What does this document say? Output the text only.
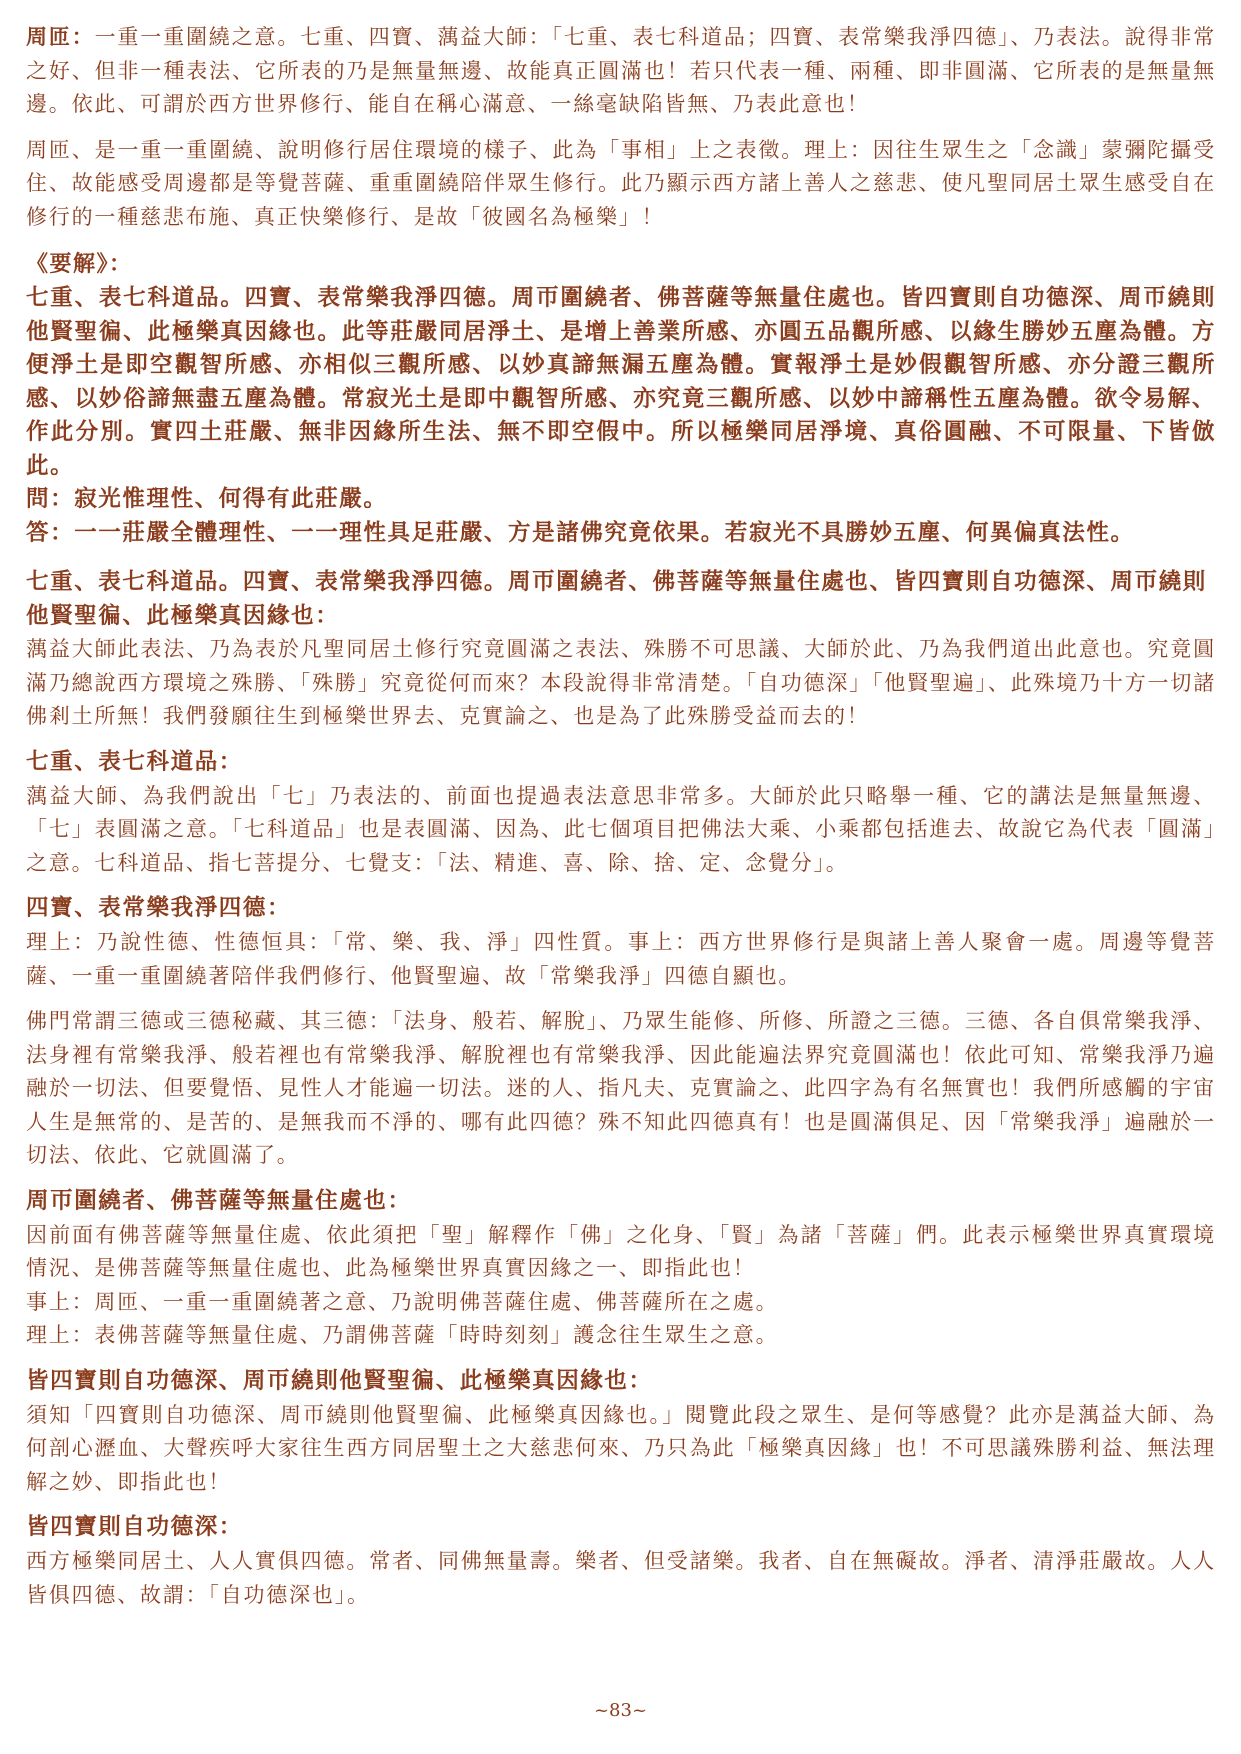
周匝：一重一重圍繞之意。七重、四寶、蕅益大師：「七重、表七科道品；四寶、表常樂我淨四德」、乃表法。說得非常之好、但非一種表法、它所表的乃是無量無邊、故能真正圓滿也！若只代表一種、兩種、即非圓滿、它所表的是無量無邊。依此、可謂於西方世界修行、能自在稱心滿意、一絲毫缺陷皆無、乃表此意也！

周匝、是一重一重圍繞、說明修行居住環境的樣子、此為「事相」上之表徵。理上：因往生眾生之「念識」蒙彌陀攝受住、故能感受周邊都是等覺菩薩、重重圍繞陪伴眾生修行。此乃顯示西方諸上善人之慈悲、使凡聖同居土眾生感受自在修行的一種慈悲布施、真正快樂修行、是故「彼國名為極樂」！

《要解》：

七重、表七科道品。四寶、表常樂我淨四德。周帀圍繞者、佛菩薩等無量住處也。皆四寶則自功德深、周帀繞則他賢聖徧、此極樂真因緣也。此等莊嚴同居淨土、是增上善業所感、亦圓五品觀所感、以緣生勝妙五塵為體。方便淨土是即空觀智所感、亦相似三觀所感、以妙真諦無漏五塵為體。實報淨土是妙假觀智所感、亦分證三觀所感、以妙俗諦無盡五塵為體。常寂光土是即中觀智所感、亦究竟三觀所感、以妙中諦稱性五塵為體。欲令易解、作此分別。實四土莊嚴、無非因緣所生法、無不即空假中。所以極樂同居淨境、真俗圓融、不可限量、下皆倣此。

問： 寂光惟理性、何得有此莊嚴。
答： 一一莊嚴全體理性、一一理性具足莊嚴、方是諸佛究竟依果。若寂光不具勝妙五塵、何異偏真法性。
七重、表七科道品。四寶、表常樂我淨四德。周帀圍繞者、佛菩薩等無量住處也、皆四寶則自功德深、周帀繞則他賢聖徧、此極樂真因緣也：

蕅益大師此表法、乃為表於凡聖同居土修行究竟圓滿之表法、殊勝不可思議、大師於此、乃為我們道出此意也。究竟圓滿乃總說西方環境之殊勝、「殊勝」究竟從何而來？本段說得非常清楚。「自功德深」「他賢聖遍」、此殊境乃十方一切諸佛剎土所無！我們發願往生到極樂世界去、克實論之、也是為了此殊勝受益而去的！

七重、表七科道品：

蕅益大師、為我們說出「七」乃表法的、前面也提過表法意思非常多。大師於此只略舉一種、它的講法是無量無邊、「七」表圓滿之意。「七科道品」也是表圓滿、因為、此七個項目把佛法大乘、小乘都包括進去、故說它為代表「圓滿」之意。七科道品、指七菩提分、七覺支：「法、精進、喜、除、捨、定、念覺分」。

四寶、表常樂我淨四德：

理上：乃說性德、性德恒具：「常、樂、我、淨」四性質。事上：西方世界修行是與諸上善人聚會一處。周邊等覺菩薩、一重一重圍繞著陪伴我們修行、他賢聖遍、故「常樂我淨」四德自顯也。

佛門常謂三德或三德秘藏、其三德：「法身、般若、解脫」、乃眾生能修、所修、所證之三德。三德、各自俱常樂我淨、法身裡有常樂我淨、般若裡也有常樂我淨、解脫裡也有常樂我淨、因此能遍法界究竟圓滿也！依此可知、常樂我淨乃遍融於一切法、但要覺悟、見性人才能遍一切法。迷的人、指凡夫、克實論之、此四字為有名無實也！我們所感觸的宇宙人生是無常的、是苦的、是無我而不淨的、哪有此四德？殊不知此四德真有！也是圓滿俱足、因「常樂我淨」遍融於一切法、依此、它就圓滿了。

周帀圍繞者、佛菩薩等無量住處也：

因前面有佛菩薩等無量住處、依此須把「聖」解釋作「佛」之化身、「賢」為諸「菩薩」們。此表示極樂世界真實環境情況、是佛菩薩等無量住處也、此為極樂世界真實因緣之一、即指此也！

事上：周匝、一重一重圍繞著之意、乃說明佛菩薩住處、佛菩薩所在之處。

理上：表佛菩薩等無量住處、乃謂佛菩薩「時時刻刻」護念往生眾生之意。

皆四寶則自功德深、周帀繞則他賢聖徧、此極樂真因緣也：

須知「四寶則自功德深、周帀繞則他賢聖徧、此極樂真因緣也。」閱覽此段之眾生、是何等感覺？此亦是蕅益大師、為何剖心瀝血、大聲疾呼大家往生西方同居聖土之大慈悲何來、乃只為此「極樂真因緣」也！不可思議殊勝利益、無法理解之妙、即指此也！

皆四寶則自功德深：

西方極樂同居土、人人實俱四德。常者、同佛無量壽。樂者、但受諸樂。我者、自在無礙故。淨者、清淨莊嚴故。人人皆俱四德、故謂：「自功德深也」。

~83~
